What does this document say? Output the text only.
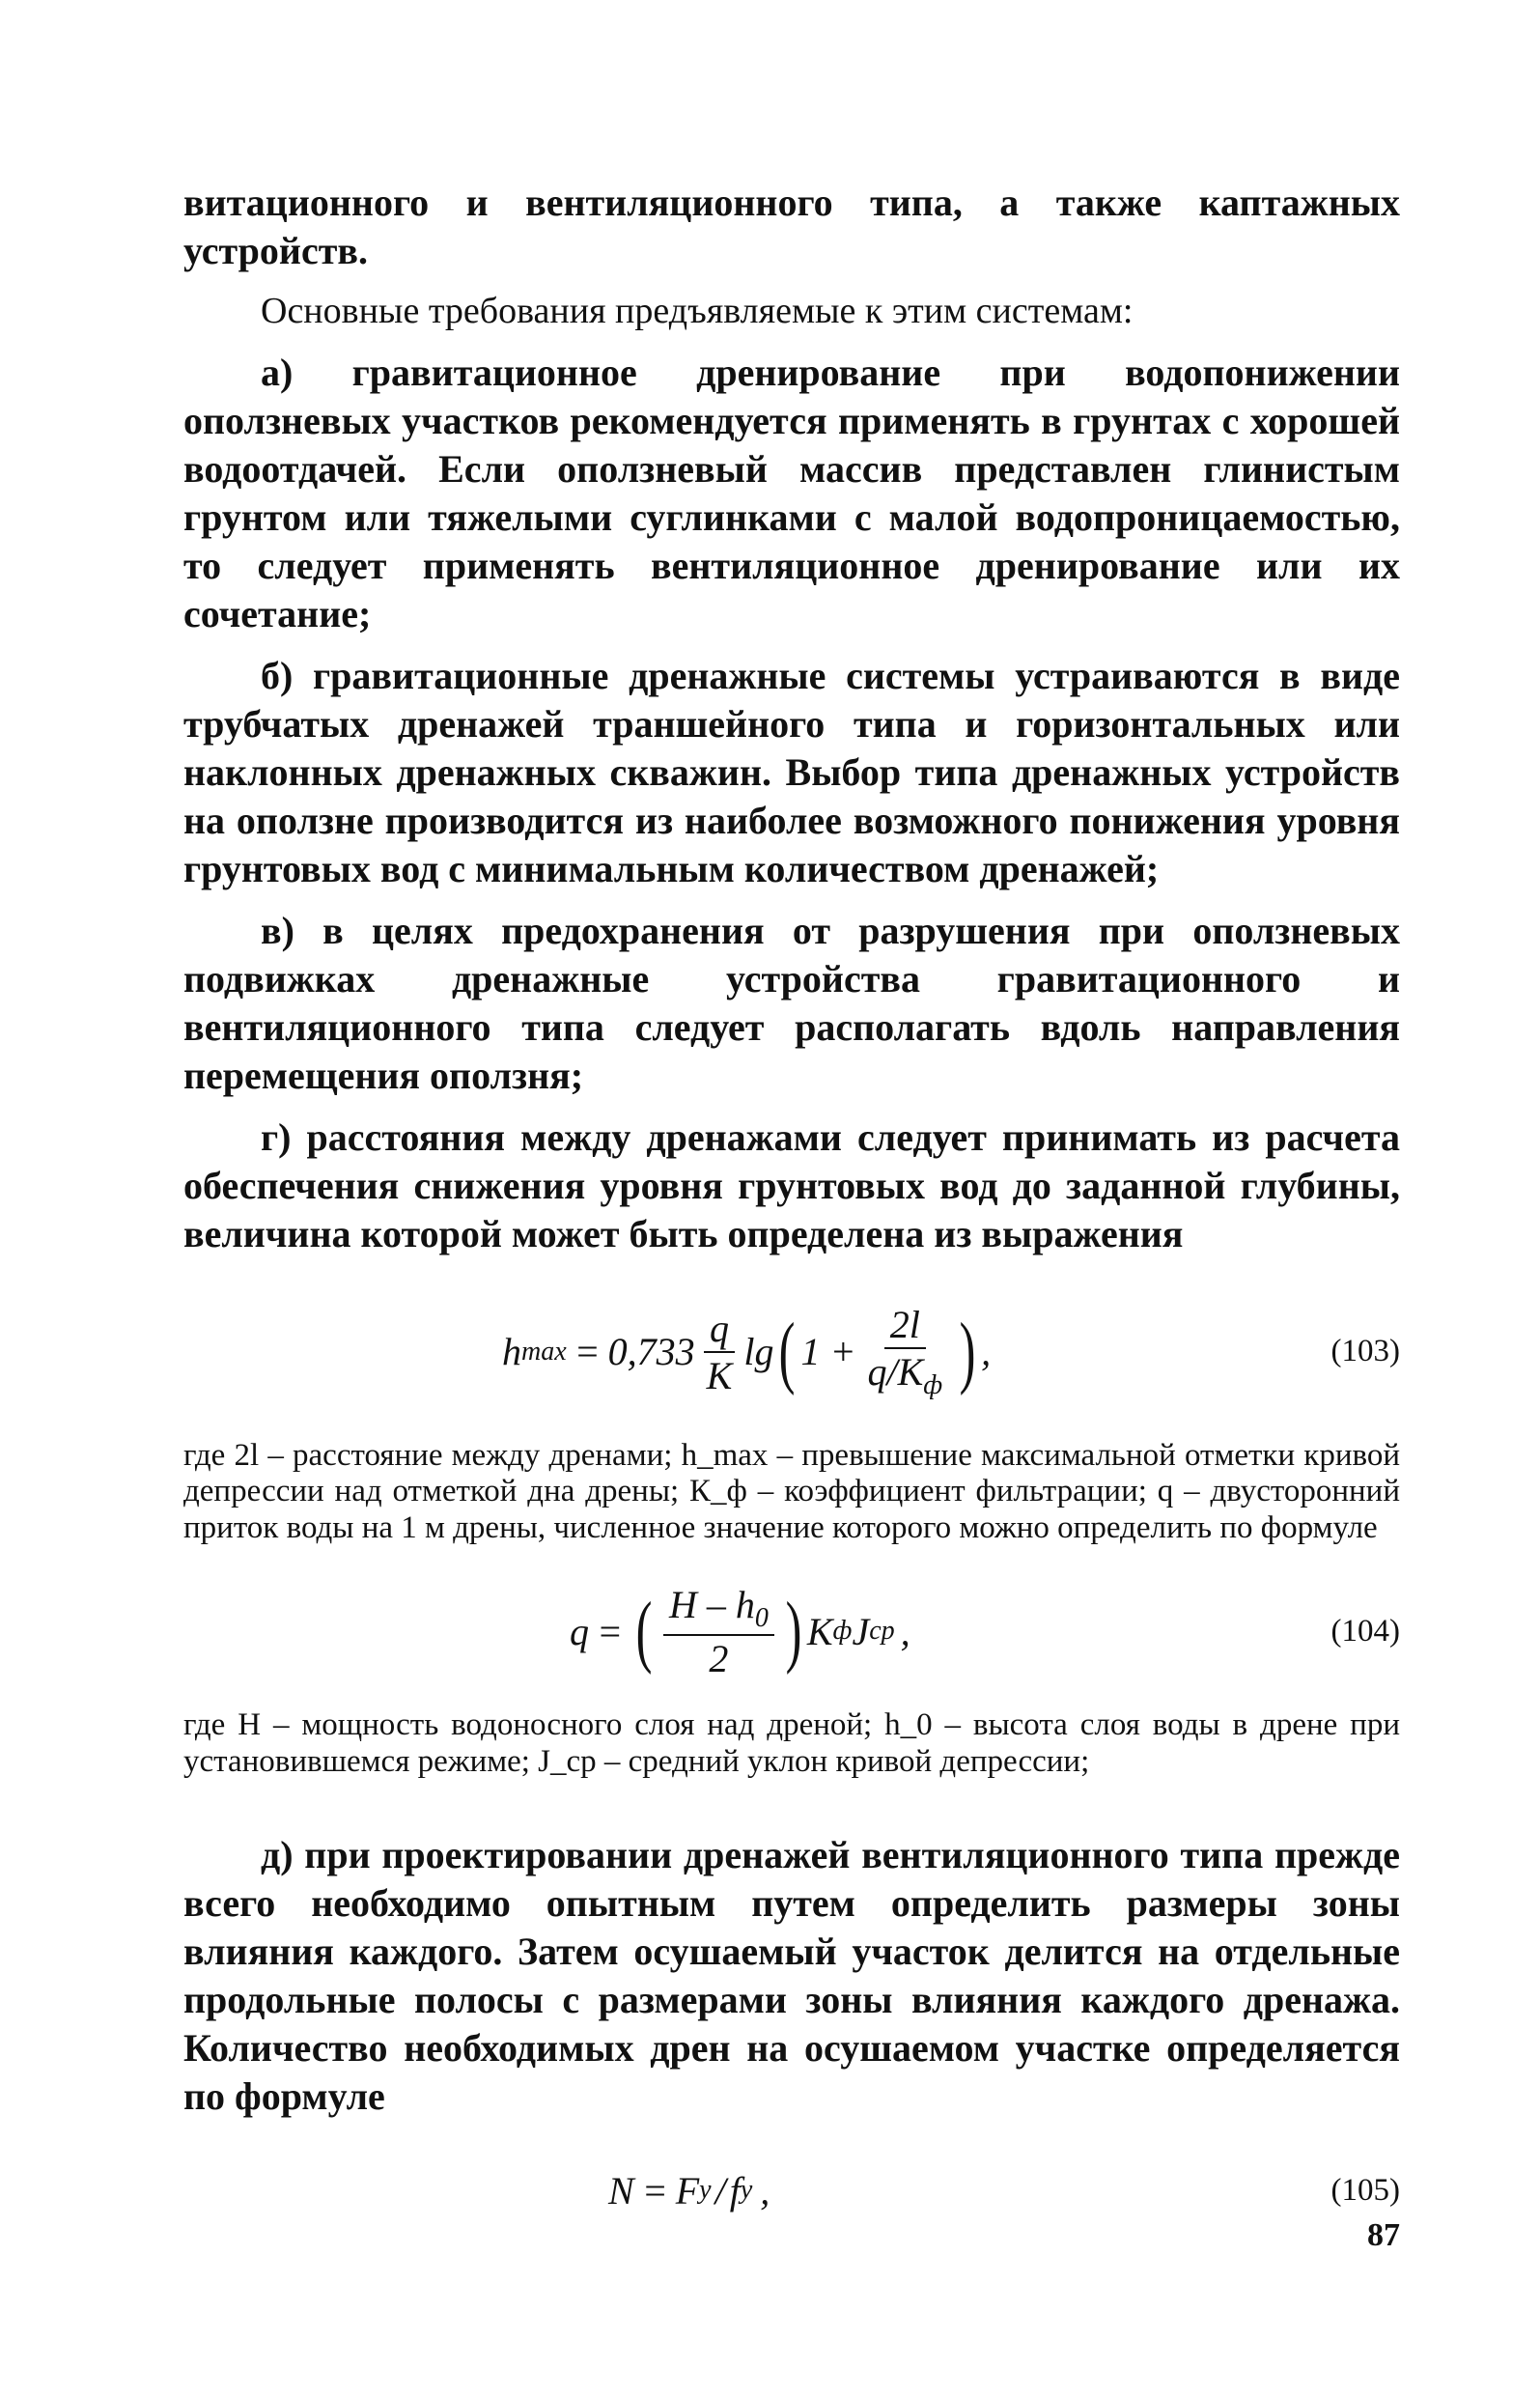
витационного и вентиляционного типа, а также каптажных устройств.

Основные требования предъявляемые к этим системам:

а) гравитационное дренирование при водопонижении оползневых участков рекомендуется применять в грунтах с хорошей водоотдачей. Если оползневый массив представлен глинистым грунтом или тяжелыми суглинками с малой водопроницаемостью, то следует применять вентиляционное дренирование или их сочетание;

б) гравитационные дренажные системы устраиваются в виде трубчатых дренажей траншейного типа и горизонтальных или наклонных дренажных скважин. Выбор типа дренажных устройств на оползне производится из наиболее возможного понижения уровня грунтовых вод с минимальным количеством дренажей;

в) в целях предохранения от разрушения при оползневых подвижках дренажные устройства гравитационного и вентиляционного типа следует располагать вдоль направления перемещения оползня;

г) расстояния между дренажами следует принимать из расчета обеспечения снижения уровня грунтовых вод до заданной глубины, величина которой может быть определена из выражения

h $\max = 0,733 \frac{q}{K}$ lg ( $1 + \frac{2l}{q/K_ф}$ ) ,	(103)

где 2l – расстояние между дренами; h_max – превышение максимальной отметки кривой депрессии над отметкой дна дрены; К_ф – коэффициент фильтрации; q – двусторонний приток воды на 1 м дрены, численное значение которого можно определить по формуле

q = ( $\frac{H - h_0}{2}$ ) K ф J cp ,	(104)

где H – мощность водоносного слоя над дреной; h_0 – высота слоя воды в дрене при установившемся режиме; J_cp – средний уклон кривой депрессии;

д) при проектировании дренажей вентиляционного типа прежде всего необходимо опытным путем определить размеры зоны влияния каждого. Затем осушаемый участок делится на отдельные продольные полосы с размерами зоны влияния каждого дренажа. Количество необходимых дрен на осушаемом участке определяется по формуле

N = F y / f y ,	(105)
87
